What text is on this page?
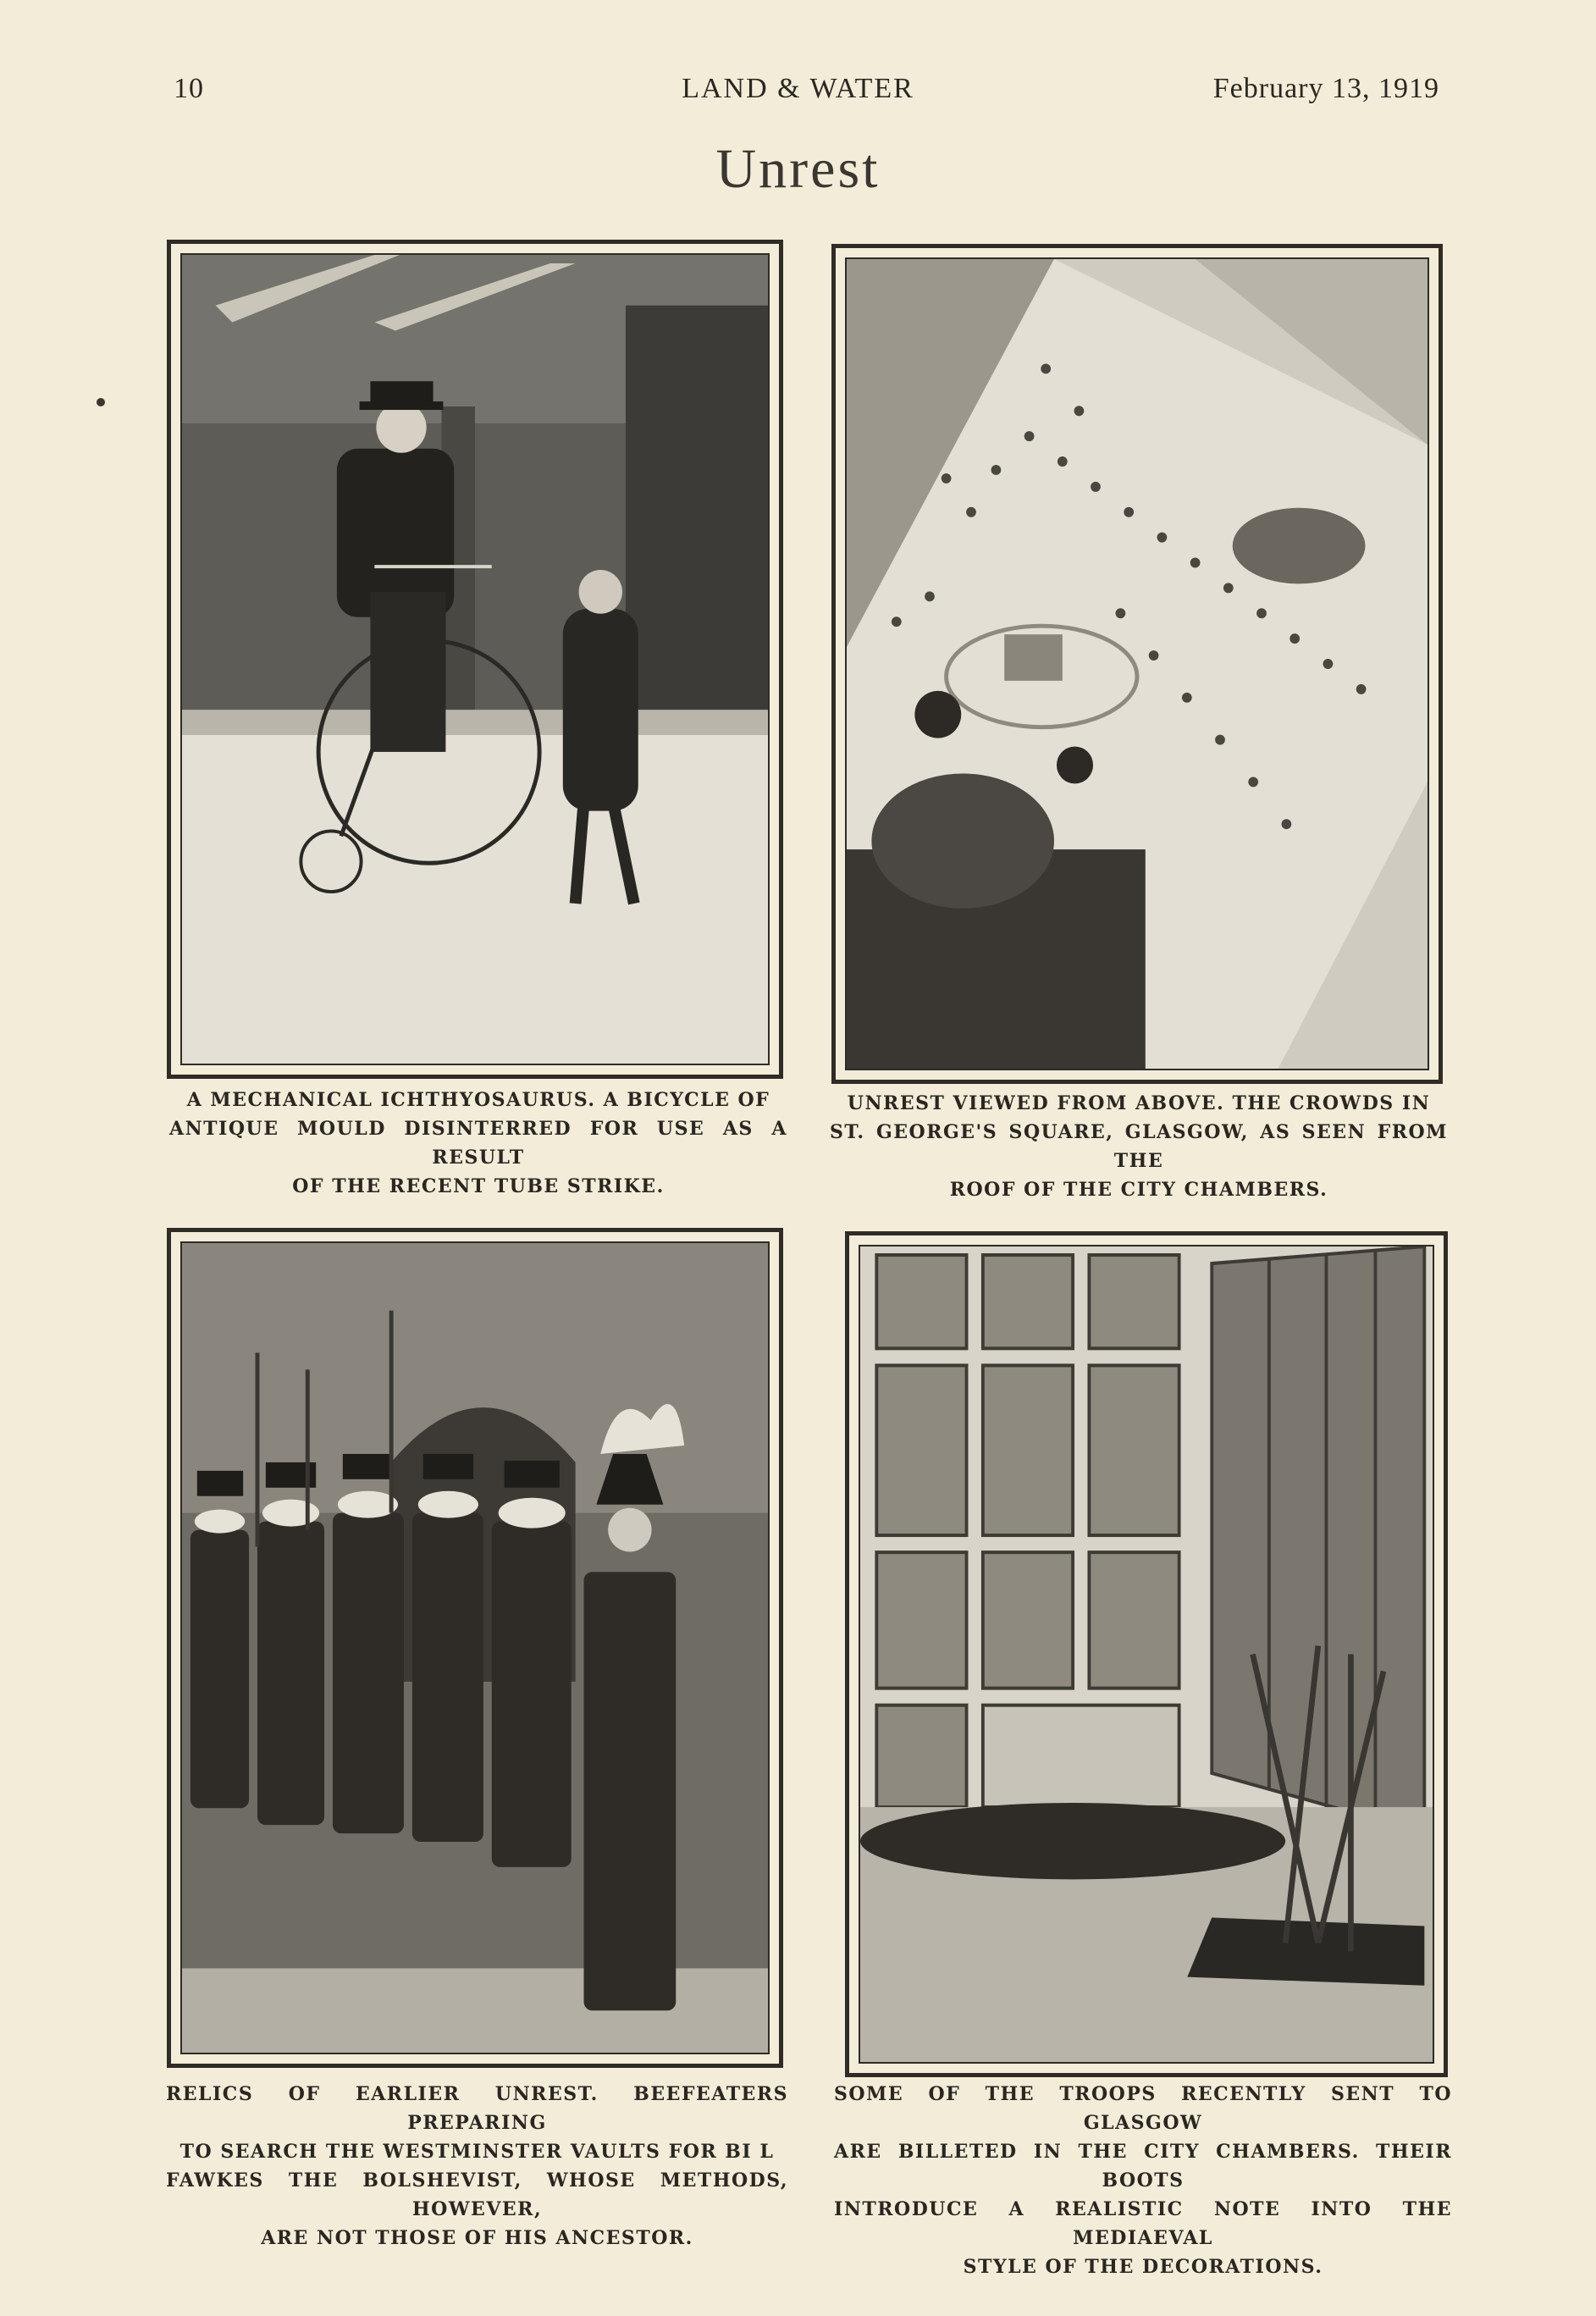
LAND & WATER
10	February 13, 1919
Unrest
A MECHANICAL ICHTHYOSAURUS. A BICYCLE OF
ANTIQUE MOULD DISINTERRED FOR USE AS A RESULT
OF THE RECENT TUBE STRIKE.
UNREST VIEWED FROM ABOVE. THE CROWDS IN
ST. GEORGE'S SQUARE, GLASGOW, AS SEEN FROM THE
ROOF OF THE CITY CHAMBERS.
RELICS OF EARLIER UNREST. BEEFEATERS PREPARING
TO SEARCH THE WESTMINSTER VAULTS FOR BI L
FAWKES THE BOLSHEVIST, WHOSE METHODS, HOWEVER,
ARE NOT THOSE OF HIS ANCESTOR.
SOME OF THE TROOPS RECENTLY SENT TO GLASGOW
ARE BILLETED IN THE CITY CHAMBERS. THEIR BOOTS
INTRODUCE A REALISTIC NOTE INTO THE MEDIAEVAL
STYLE OF THE DECORATIONS.
